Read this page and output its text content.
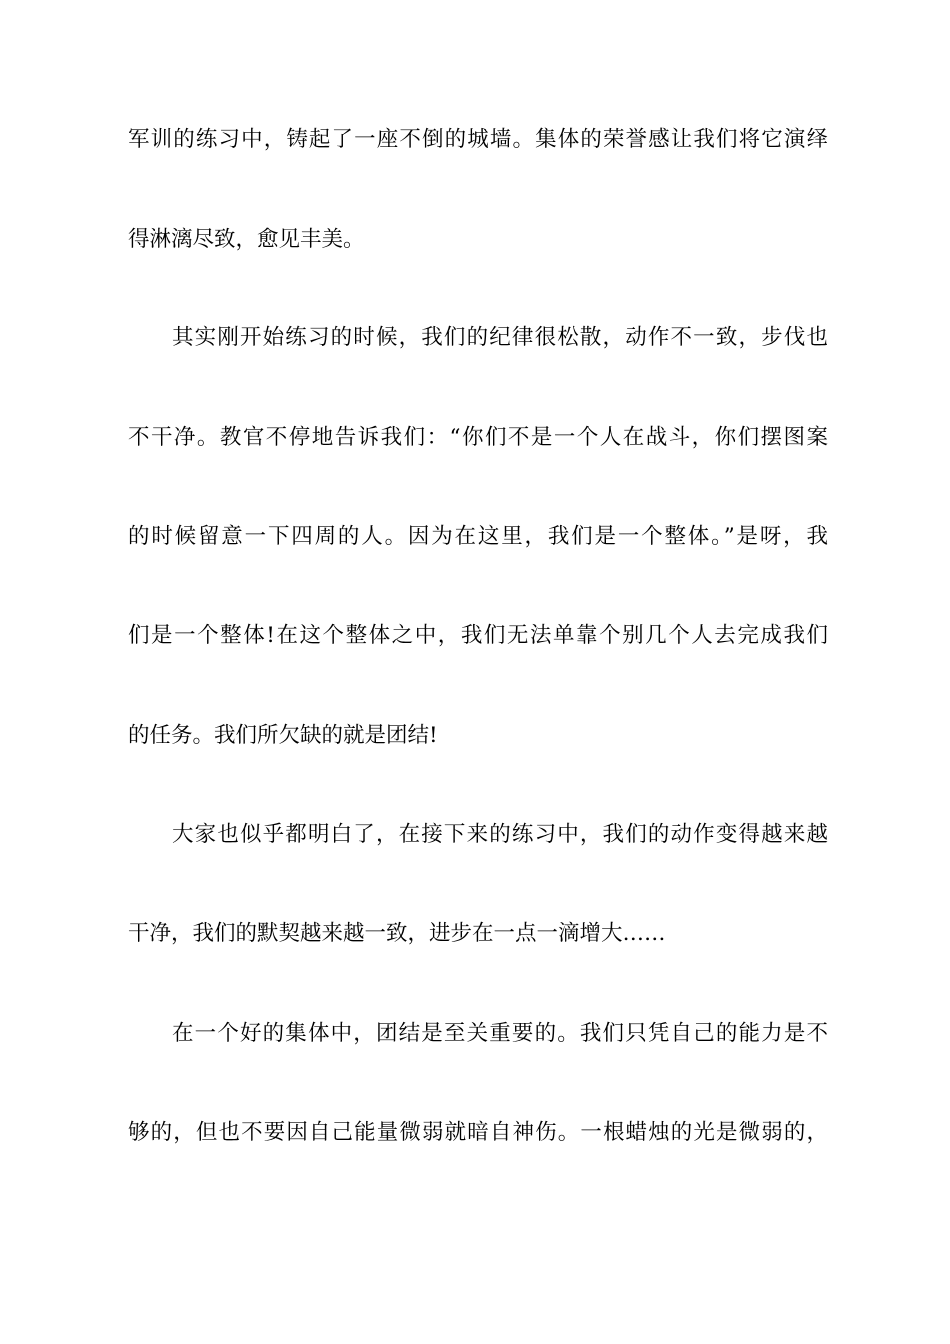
军训的练习中，铸起了一座不倒的城墙。集体的荣誉感让我们将它演绎
得淋漓尽致，愈见丰美。
其实刚开始练习的时候，我们的纪律很松散，动作不一致，步伐也
不干净。教官不停地告诉我们：“你们不是一个人在战斗，你们摆图案
的时候留意一下四周的人。因为在这里，我们是一个整体。”是呀，我
们是一个整体!在这个整体之中，我们无法单靠个别几个人去完成我们
的任务。我们所欠缺的就是团结!
大家也似乎都明白了，在接下来的练习中，我们的动作变得越来越
干净，我们的默契越来越一致，进步在一点一滴增大……
在一个好的集体中，团结是至关重要的。我们只凭自己的能力是不
够的，但也不要因自己能量微弱就暗自神伤。一根蜡烛的光是微弱的，
